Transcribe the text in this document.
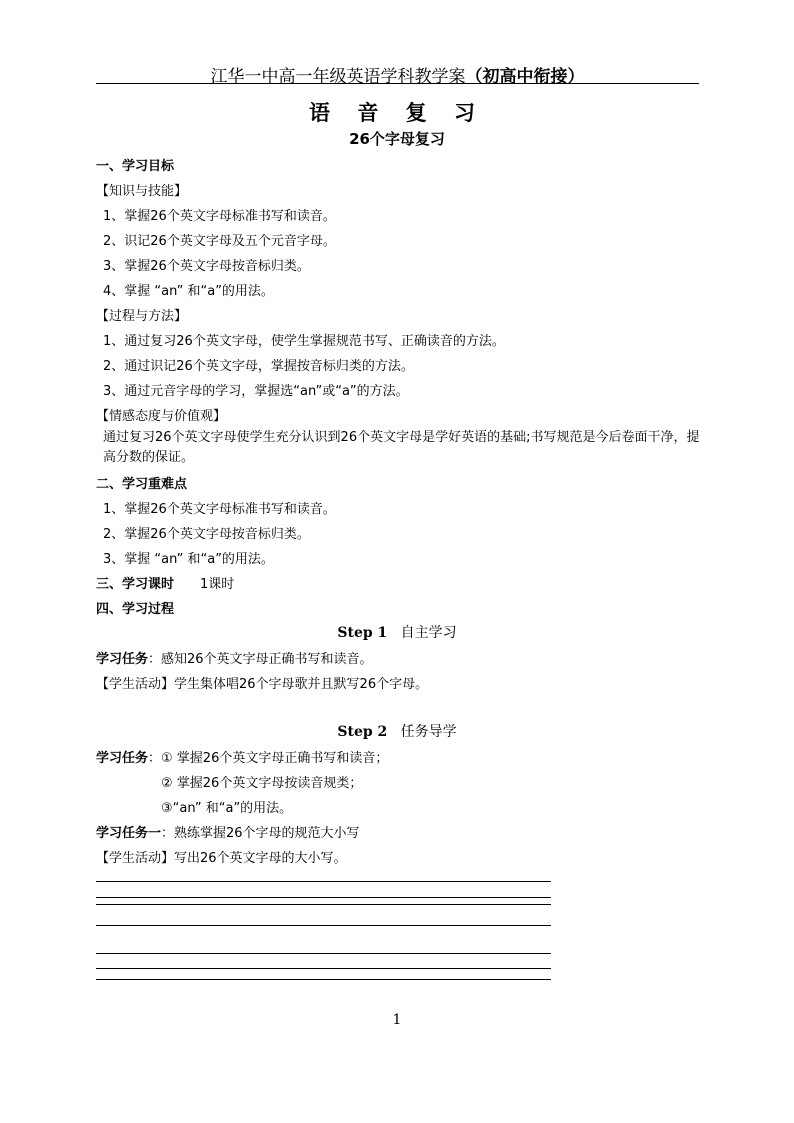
江华一中高一年级英语学科教学案（初高中衔接）
语 音 复 习
26个字母复习
一、学习目标
【知识与技能】
1、掌握26个英文字母标准书写和读音。
2、识记26个英文字母及五个元音字母。
3、掌握26个英文字母按音标归类。
4、掌握 “an” 和“a”的用法。
【过程与方法】
1、通过复习26个英文字母，使学生掌握规范书写、正确读音的方法。
2、通过识记26个英文字母，掌握按音标归类的方法。
3、通过元音字母的学习，掌握选“an”或“a”的方法。
【情感态度与价值观】
通过复习26个英文字母使学生充分认识到26个英文字母是学好英语的基础;书写规范是今后卷面干净，提高分数的保证。
二、学习重难点
1、掌握26个英文字母标准书写和读音。
2、掌握26个英文字母按音标归类。
3、掌握 “an” 和“a”的用法。
三、学习课时 1课时
四、学习过程
Step 1 自主学习
学习任务：感知26个英文字母正确书写和读音。
【学生活动】学生集体唱26个字母歌并且默写26个字母。
Step 2 任务导学
学习任务：① 掌握26个英文字母正确书写和读音；
② 掌握26个英文字母按读音规类；
③“an” 和“a”的用法。
学习任务一：熟练掌握26个字母的规范大小写
【学生活动】写出26个英文字母的大小写。
1
